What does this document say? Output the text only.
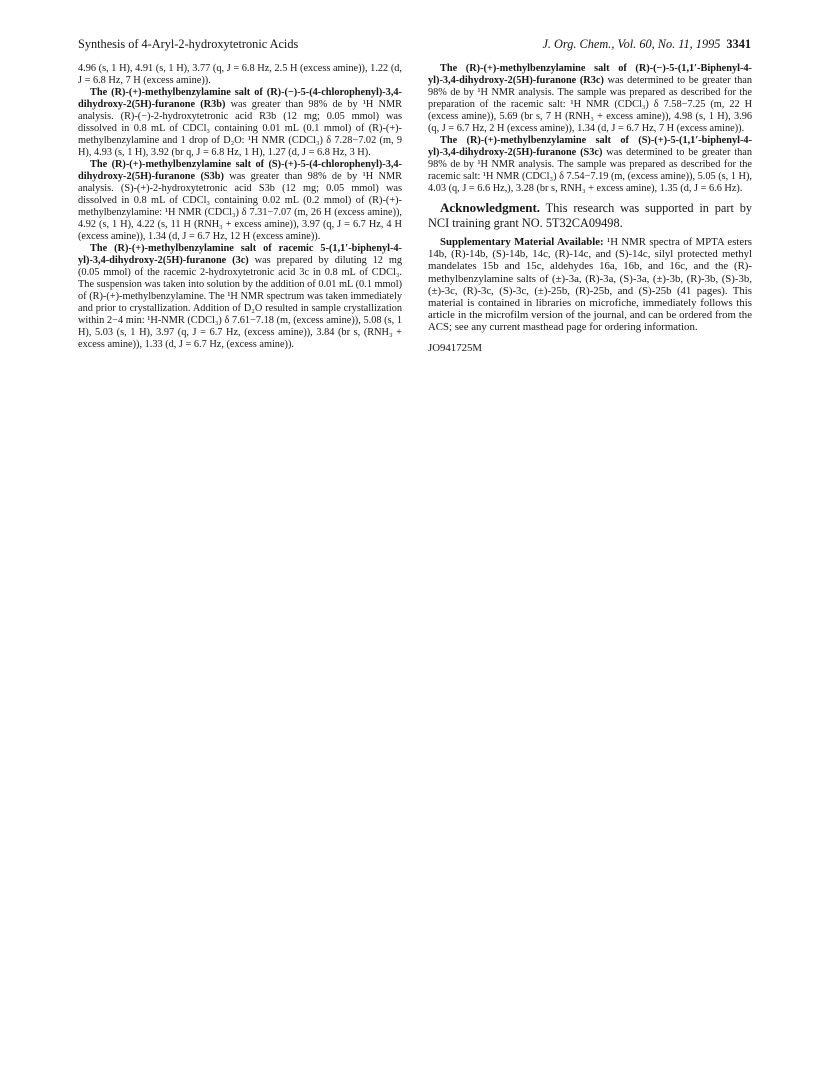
Synthesis of 4-Aryl-2-hydroxytetronic Acids	J. Org. Chem., Vol. 60, No. 11, 1995 3341

4.96 (s, 1 H), 4.91 (s, 1 H), 3.77 (q, J = 6.8 Hz, 2.5 H (excess amine)), 1.22 (d, J = 6.8 Hz, 7 H (excess amine)).

The (R)-(+)-methylbenzylamine salt of (R)-(−)-5-(4-chlorophenyl)-3,4-dihydroxy-2(5H)-furanone (R3b) was greater than 98% de by ¹H NMR analysis. (R)-(−)-2-hydroxytetronic acid R3b (12 mg; 0.05 mmol) was dissolved in 0.8 mL of CDCl₃ containing 0.01 mL (0.1 mmol) of (R)-(+)-methylbenzylamine and 1 drop of D₂O: ¹H NMR (CDCl₃) δ 7.28−7.02 (m, 9 H), 4.93 (s, 1 H), 3.92 (br q, J = 6.8 Hz, 1 H), 1.27 (d, J = 6.8 Hz, 3 H).

The (R)-(+)-methylbenzylamine salt of (S)-(+)-5-(4-chlorophenyl)-3,4-dihydroxy-2(5H)-furanone (S3b) was greater than 98% de by ¹H NMR analysis. (S)-(+)-2-hydroxytetronic acid S3b (12 mg; 0.05 mmol) was dissolved in 0.8 mL of CDCl₃ containing 0.02 mL (0.2 mmol) of (R)-(+)-methylbenzylamine: ¹H NMR (CDCl₃) δ 7.31−7.07 (m, 26 H (excess amine)), 4.92 (s, 1 H), 4.22 (s, 11 H (RNH₃ + excess amine)), 3.97 (q, J = 6.7 Hz, 4 H (excess amine)), 1.34 (d, J = 6.7 Hz, 12 H (excess amine)).

The (R)-(+)-methylbenzylamine salt of racemic 5-(1,1′-biphenyl-4-yl)-3,4-dihydroxy-2(5H)-furanone (3c) was prepared by diluting 12 mg (0.05 mmol) of the racemic 2-hydroxytetronic acid 3c in 0.8 mL of CDCl₃. The suspension was taken into solution by the addition of 0.01 mL (0.1 mmol) of (R)-(+)-methylbenzylamine. The ¹H NMR spectrum was taken immediately and prior to crystallization. Addition of D₂O resulted in sample crystallization within 2−4 min: ¹H-NMR (CDCl₃) δ 7.61−7.18 (m, (excess amine)), 5.08 (s, 1 H), 5.03 (s, 1 H), 3.97 (q, J = 6.7 Hz, (excess amine)), 3.84 (br s, (RNH₃ + excess amine)), 1.33 (d, J = 6.7 Hz, (excess amine)).

The (R)-(+)-methylbenzylamine salt of (R)-(−)-5-(1,1′-Biphenyl-4-yl)-3,4-dihydroxy-2(5H)-furanone (R3c) was determined to be greater than 98% de by ¹H NMR analysis. The sample was prepared as described for the preparation of the racemic salt: ¹H NMR (CDCl₃) δ 7.58−7.25 (m, 22 H (excess amine)), 5.69 (br s, 7 H (RNH₃ + excess amine)), 4.98 (s, 1 H), 3.96 (q, J = 6.7 Hz, 2 H (excess amine)), 1.34 (d, J = 6.7 Hz, 7 H (excess amine)).

The (R)-(+)-methylbenzylamine salt of (S)-(+)-5-(1,1′-biphenyl-4-yl)-3,4-dihydroxy-2(5H)-furanone (S3c) was determined to be greater than 98% de by ¹H NMR analysis. The sample was prepared as described for the racemic salt: ¹H NMR (CDCl₃) δ 7.54−7.19 (m, (excess amine)), 5.05 (s, 1 H), 4.03 (q, J = 6.6 Hz,), 3.28 (br s, RNH₃ + excess amine), 1.35 (d, J = 6.6 Hz).

Acknowledgment. This research was supported in part by NCI training grant NO. 5T32CA09498.

Supplementary Material Available: ¹H NMR spectra of MPTA esters 14b, (R)-14b, (S)-14b, 14c, (R)-14c, and (S)-14c, silyl protected methyl mandelates 15b and 15c, aldehydes 16a, 16b, and 16c, and the (R)-methylbenzylamine salts of (±)-3a, (R)-3a, (S)-3a, (±)-3b, (R)-3b, (S)-3b, (±)-3c, (R)-3c, (S)-3c, (±)-25b, (R)-25b, and (S)-25b (41 pages). This material is contained in libraries on microfiche, immediately follows this article in the microfilm version of the journal, and can be ordered from the ACS; see any current masthead page for ordering information.

JO941725M
